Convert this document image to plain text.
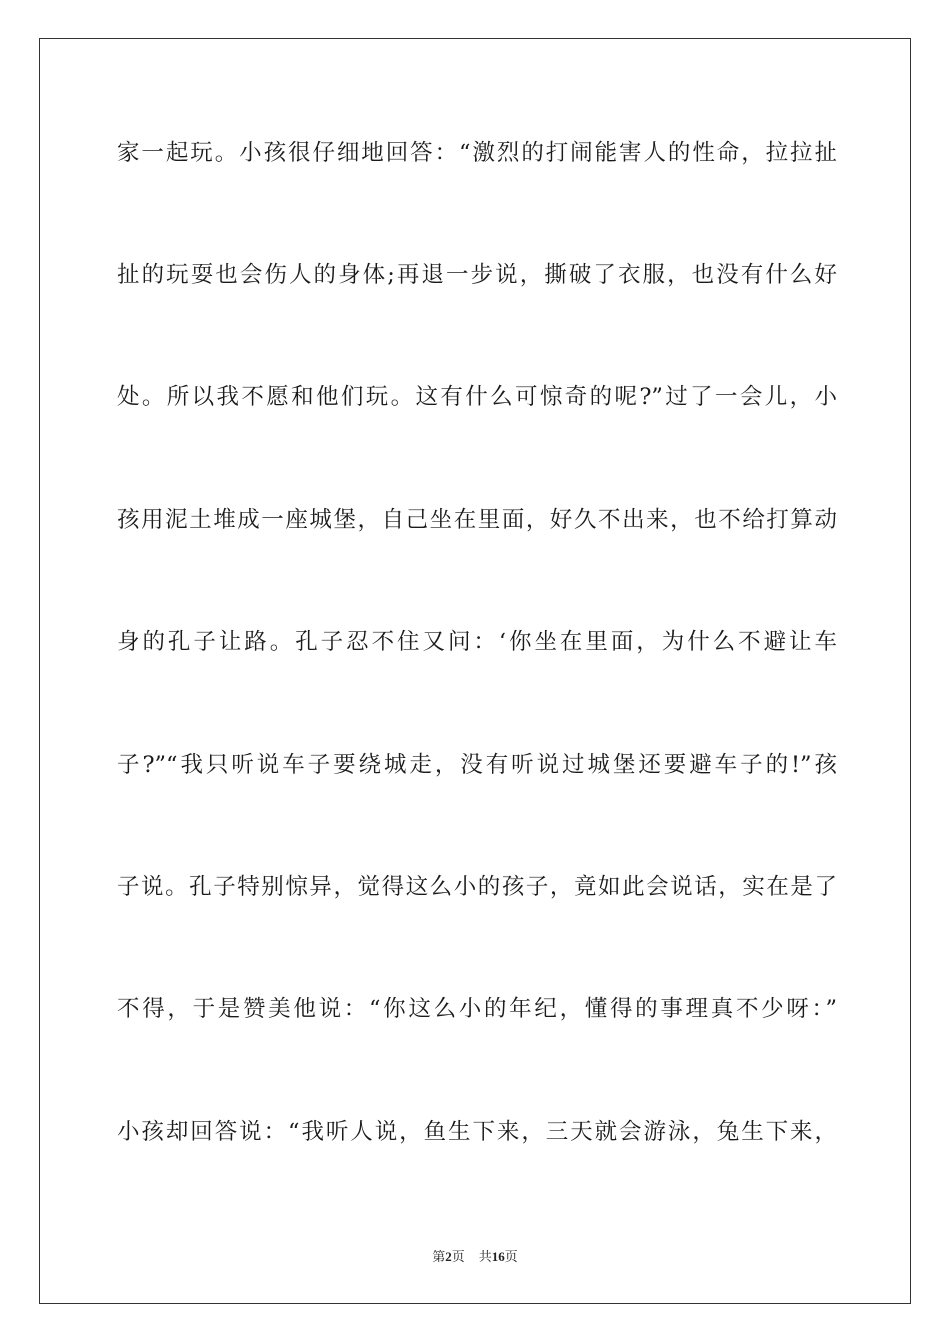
家一起玩。小孩很仔细地回答：“激烈的打闹能害人的性命，拉拉扯
扯的玩耍也会伤人的身体;再退一步说，撕破了衣服，也没有什么好
处。所以我不愿和他们玩。这有什么可惊奇的呢?”过了一会儿，小
孩用泥土堆成一座城堡，自己坐在里面，好久不出来，也不给打算动
身的孔子让路。孔子忍不住又问：‘你坐在里面，为什么不避让车
子?”“我只听说车子要绕城走，没有听说过城堡还要避车子的!”孩
子说。孔子特别惊异，觉得这么小的孩子，竟如此会说话，实在是了
不得，于是赞美他说：“你这么小的年纪，懂得的事理真不少呀：”
小孩却回答说：“我听人说，鱼生下来，三天就会游泳，兔生下来，
第2页 共16页
